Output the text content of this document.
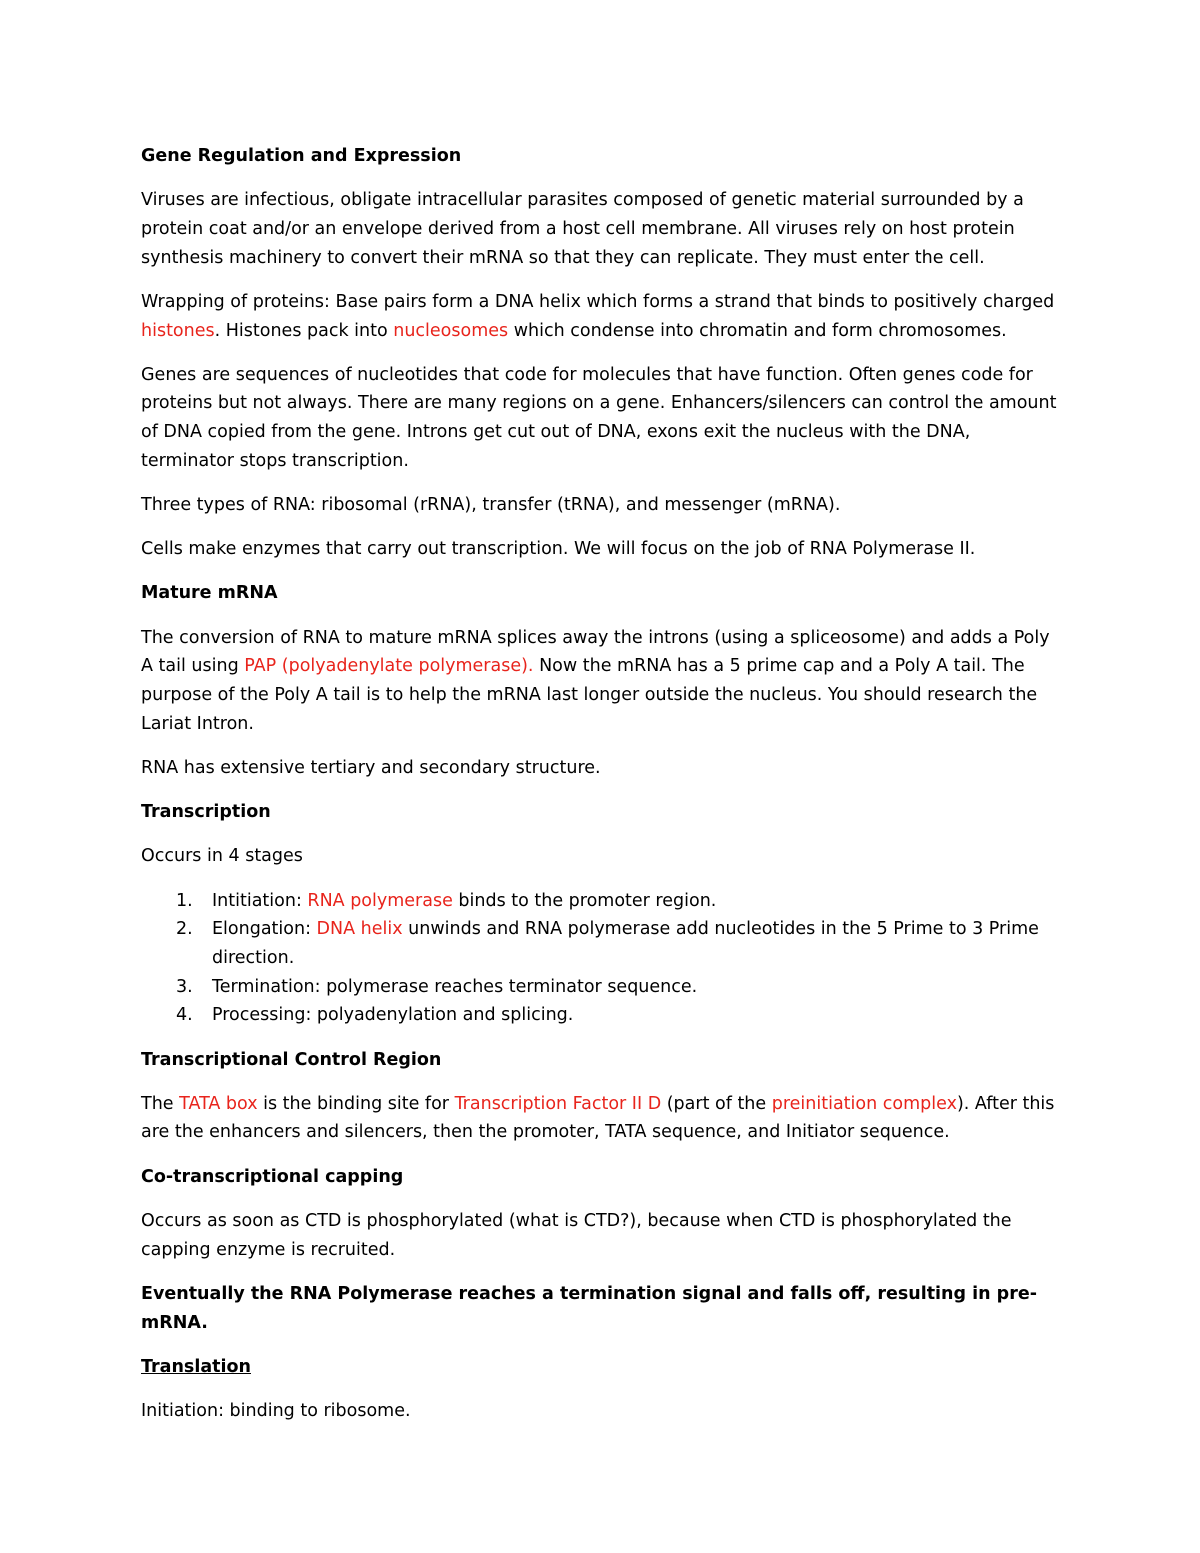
Gene Regulation and Expression

Viruses are infectious, obligate intracellular parasites composed of genetic material surrounded by a protein coat and/or an envelope derived from a host cell membrane. All viruses rely on host protein synthesis machinery to convert their mRNA so that they can replicate. They must enter the cell.

Wrapping of proteins: Base pairs form a DNA helix which forms a strand that binds to positively charged histones. Histones pack into nucleosomes which condense into chromatin and form chromosomes.

Genes are sequences of nucleotides that code for molecules that have function. Often genes code for proteins but not always. There are many regions on a gene. Enhancers/silencers can control the amount of DNA copied from the gene. Introns get cut out of DNA, exons exit the nucleus with the DNA, terminator stops transcription.

Three types of RNA: ribosomal (rRNA), transfer (tRNA), and messenger (mRNA).

Cells make enzymes that carry out transcription. We will focus on the job of RNA Polymerase II.

Mature mRNA

The conversion of RNA to mature mRNA splices away the introns (using a spliceosome) and adds a Poly A tail using PAP (polyadenylate polymerase). Now the mRNA has a 5 prime cap and a Poly A tail. The purpose of the Poly A tail is to help the mRNA last longer outside the nucleus. You should research the Lariat Intron.

RNA has extensive tertiary and secondary structure.

Transcription

Occurs in 4 stages

1. Intitiation: RNA polymerase binds to the promoter region.
2. Elongation: DNA helix unwinds and RNA polymerase add nucleotides in the 5 Prime to 3 Prime direction.
3. Termination: polymerase reaches terminator sequence.
4. Processing: polyadenylation and splicing.

Transcriptional Control Region

The TATA box is the binding site for Transcription Factor II D (part of the preinitiation complex). After this are the enhancers and silencers, then the promoter, TATA sequence, and Initiator sequence.

Co-transcriptional capping

Occurs as soon as CTD is phosphorylated (what is CTD?), because when CTD is phosphorylated the capping enzyme is recruited.

Eventually the RNA Polymerase reaches a termination signal and falls off, resulting in pre-mRNA.

Translation

Initiation: binding to ribosome.
